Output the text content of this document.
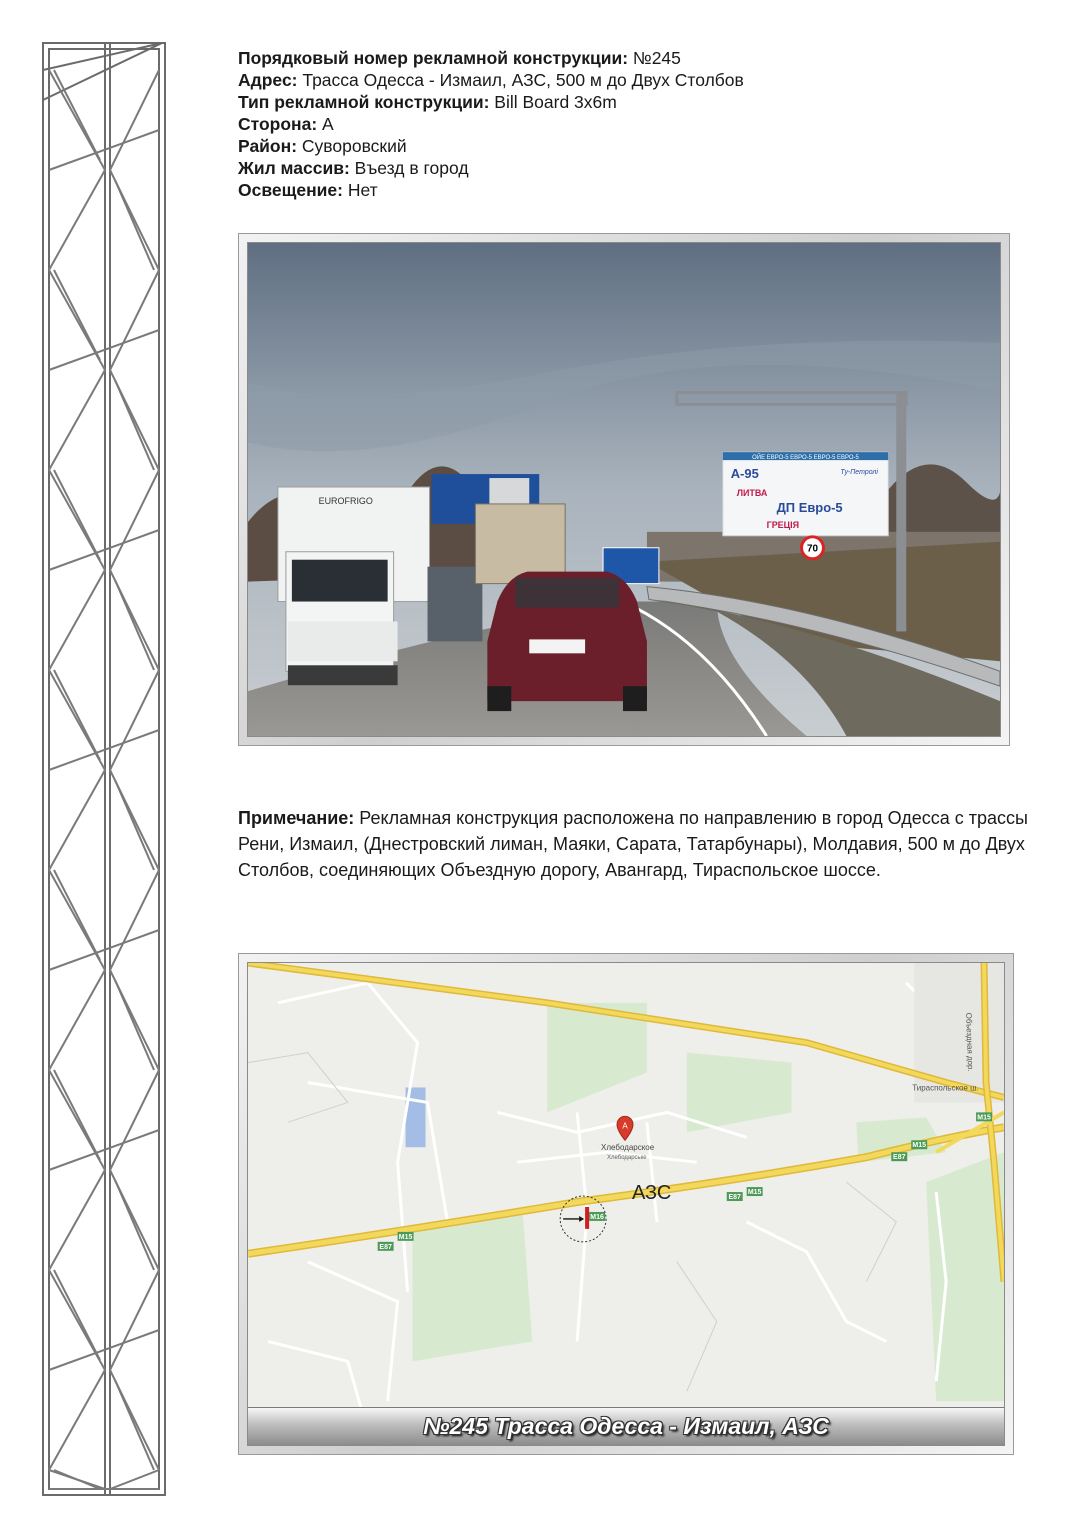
Порядковый номер рекламной конструкции: №245
Адрес: Трасса Одесса - Измаил, АЗС, 500 м до Двух Столбов
Тип рекламной конструкции: Bill Board 3х6m
Сторона: А
Район: Суворовский
Жил массив: Въезд в город
Освещение: Нет
ОЙЕ ЕВРО-5 ЕВРО-5 ЕВРО-5 ЕВРО-5
А-95
ЛИТВА
ДП Евро-5
ГРЕЦІЯ
Ту-Петролі
70
EUROFRIGO
Примечание: Рекламная конструкция расположена по направлению в город Одесса с трассы Рени, Измаил, (Днестровский лиман, Маяки, Сарата, Татарбунары), Молдавия, 500 м до Двух Столбов, соединяющих Объездную дорогу, Авангард, Тираспольское шоссе.
Тираспольское ш.
Объездная дор.
M15
E87
M15
E87
M15
E87
M16
M15
A
Хлебодарское
Хлебодарське
АЗС
№245 Трасса Одесса - Измаил, АЗС
